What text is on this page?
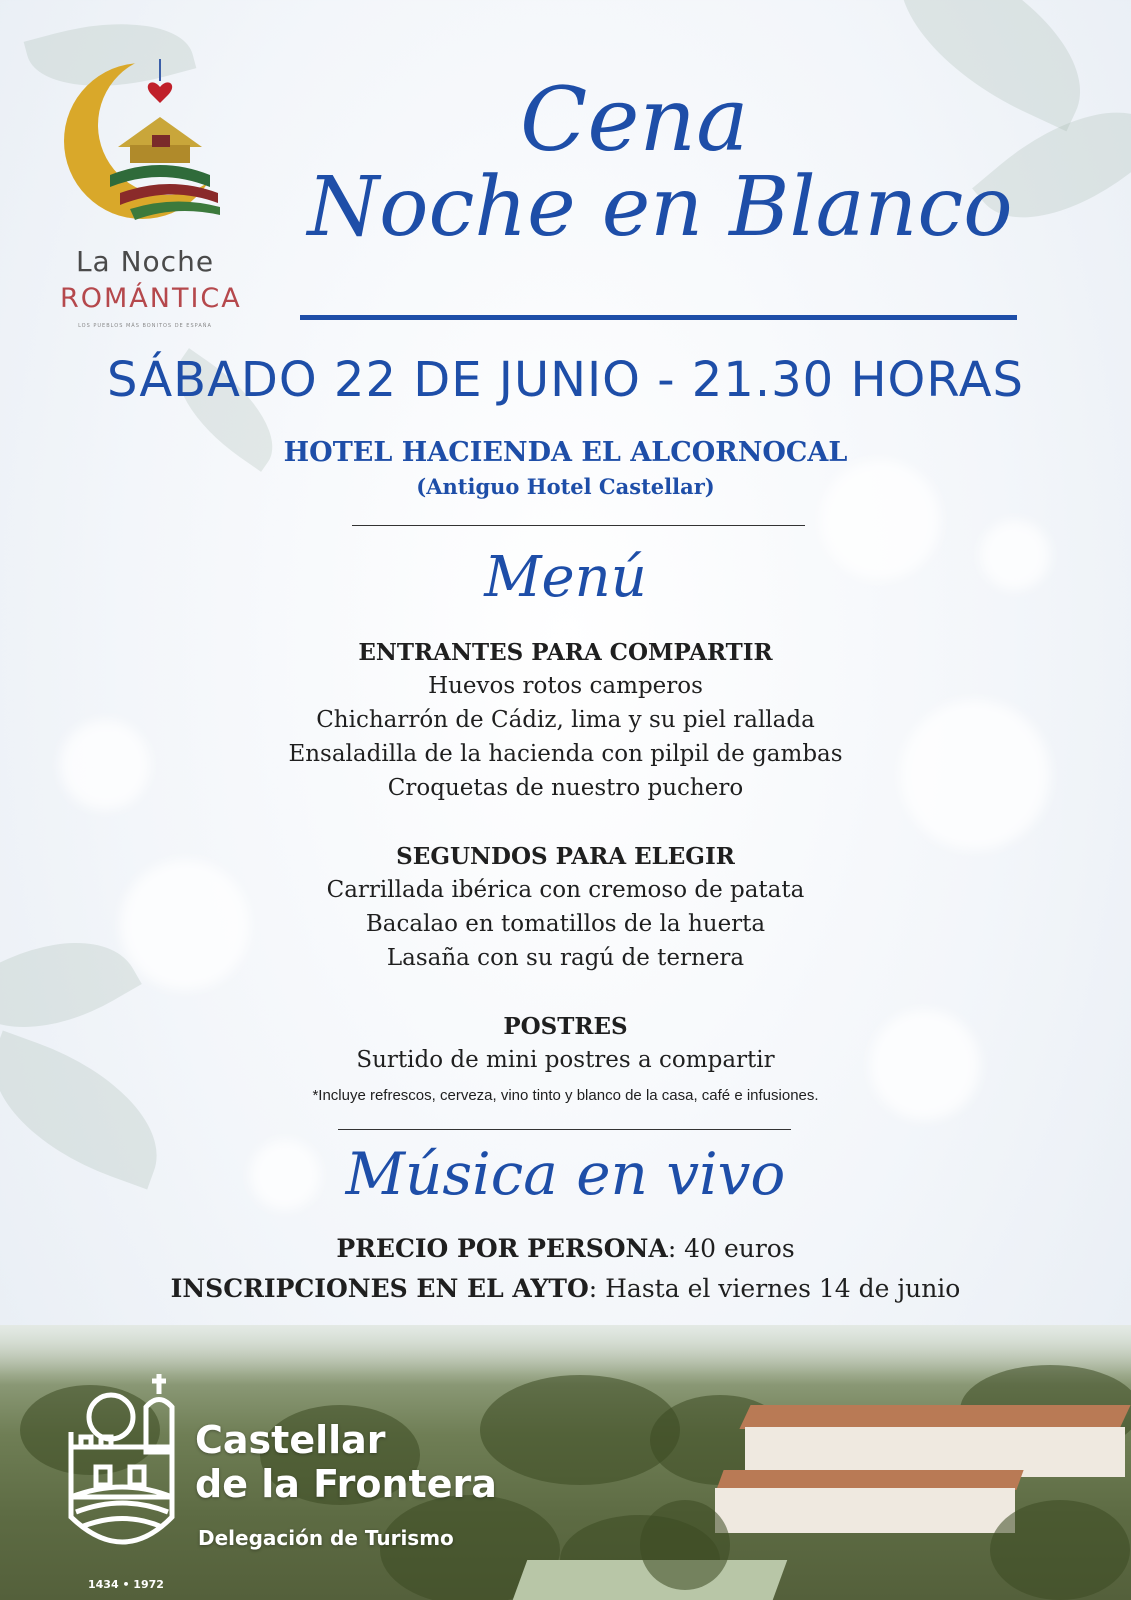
La Noche
ROMÁNTICA
LOS PUEBLOS MÁS BONITOS DE ESPAÑA
Cena
Noche en Blanco
SÁBADO 22 DE JUNIO - 21.30 HORAS
HOTEL HACIENDA EL ALCORNOCAL
(Antiguo Hotel Castellar)
Menú
ENTRANTES PARA COMPARTIR
Huevos rotos camperos
Chicharrón de Cádiz, lima y su piel rallada
Ensaladilla de la hacienda con pilpil de gambas
Croquetas de nuestro puchero
SEGUNDOS PARA ELEGIR
Carrillada ibérica con cremoso de patata
Bacalao en tomatillos de la huerta
Lasaña con su ragú de ternera
POSTRES
Surtido de mini postres a compartir
*Incluye refrescos, cerveza, vino tinto y blanco de la casa, café e infusiones.
Música en vivo
PRECIO POR PERSONA: 40 euros
INSCRIPCIONES EN EL AYTO: Hasta el viernes 14 de junio
Castellar
de la Frontera
Delegación de Turismo
1434 • 1972
